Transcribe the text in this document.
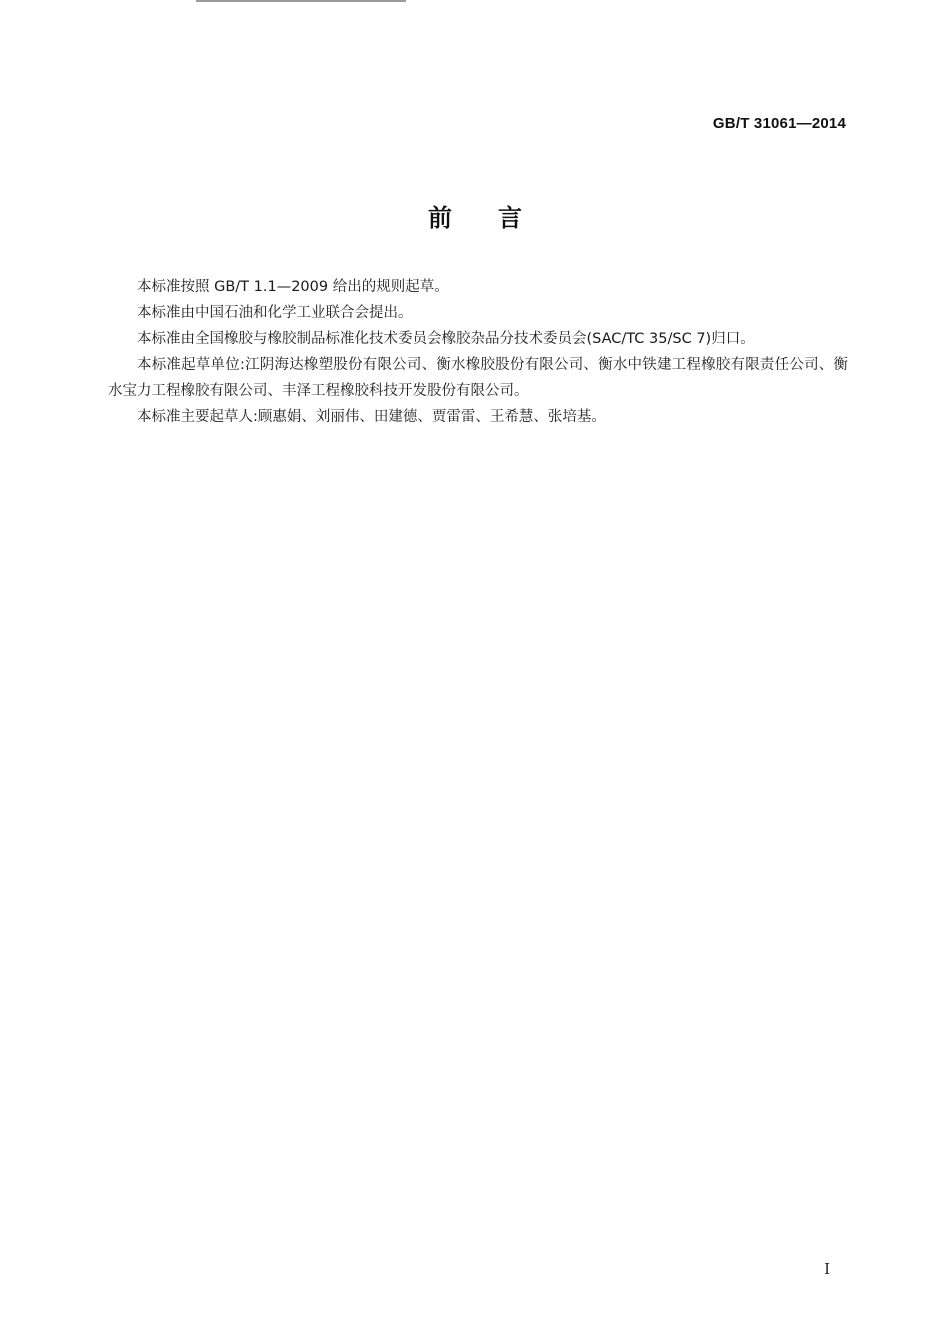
GB/T 31061—2014
前言

本标准按照 GB/T 1.1—2009 给出的规则起草。

本标准由中国石油和化学工业联合会提出。

本标准由全国橡胶与橡胶制品标准化技术委员会橡胶杂品分技术委员会(SAC/TC 35/SC 7)归口。

本标准起草单位:江阴海达橡塑股份有限公司、衡水橡胶股份有限公司、衡水中铁建工程橡胶有限责任公司、衡水宝力工程橡胶有限公司、丰泽工程橡胶科技开发股份有限公司。

本标准主要起草人:顾惠娟、刘丽伟、田建德、贾雷雷、王希慧、张培基。

I
